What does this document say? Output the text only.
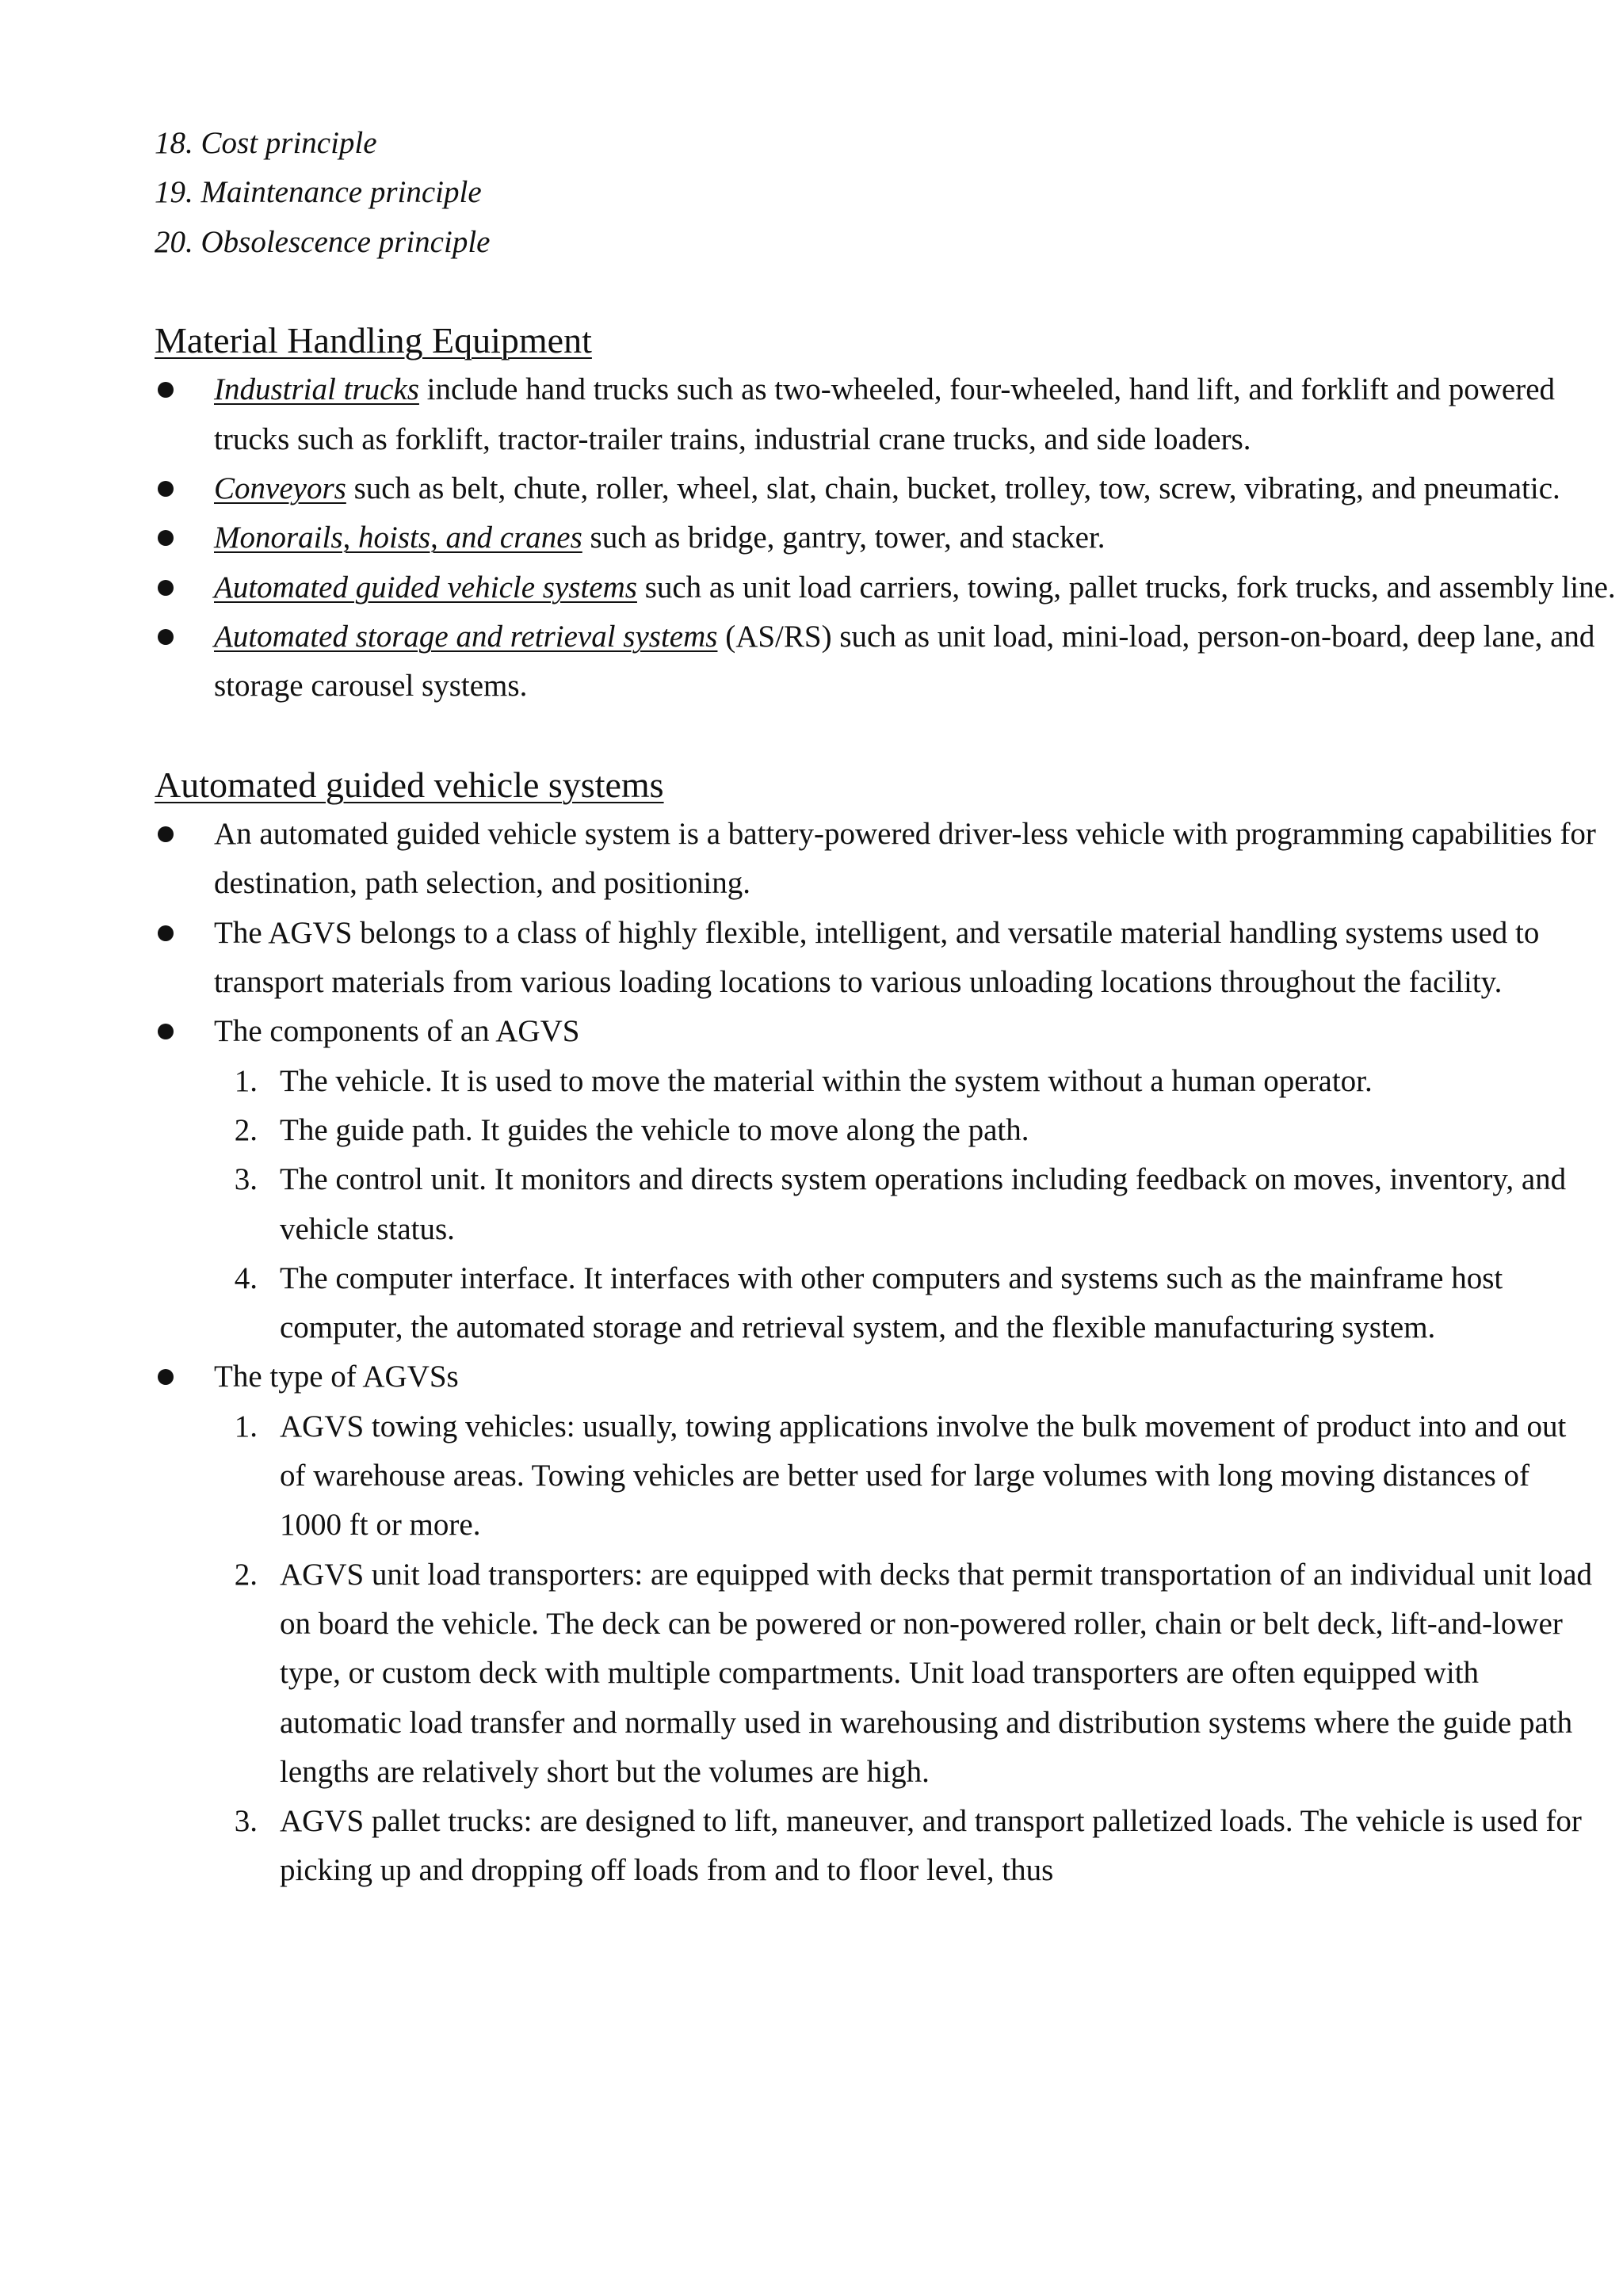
18. Cost principle
19. Maintenance principle
20. Obsolescence principle
Material Handling Equipment
Industrial trucks include hand trucks such as two-wheeled, four-wheeled, hand lift, and forklift and powered trucks such as forklift, tractor-trailer trains, industrial crane trucks, and side loaders.
Conveyors such as belt, chute, roller, wheel, slat, chain, bucket, trolley, tow, screw, vibrating, and pneumatic.
Monorails, hoists, and cranes such as bridge, gantry, tower, and stacker.
Automated guided vehicle systems such as unit load carriers, towing, pallet trucks, fork trucks, and assembly line.
Automated storage and retrieval systems (AS/RS) such as unit load, mini-load, person-on-board, deep lane, and storage carousel systems.
Automated guided vehicle systems
An automated guided vehicle system is a battery-powered driver-less vehicle with programming capabilities for destination, path selection, and positioning.
The AGVS belongs to a class of highly flexible, intelligent, and versatile material handling systems used to transport materials from various loading locations to various unloading locations throughout the facility.
The components of an AGVS
1. The vehicle. It is used to move the material within the system without a human operator.
2. The guide path. It guides the vehicle to move along the path.
3. The control unit. It monitors and directs system operations including feedback on moves, inventory, and vehicle status.
4. The computer interface. It interfaces with other computers and systems such as the mainframe host computer, the automated storage and retrieval system, and the flexible manufacturing system.
The type of AGVSs
1. AGVS towing vehicles: usually, towing applications involve the bulk movement of product into and out of warehouse areas. Towing vehicles are better used for large volumes with long moving distances of 1000 ft or more.
2. AGVS unit load transporters: are equipped with decks that permit transportation of an individual unit load on board the vehicle. The deck can be powered or non-powered roller, chain or belt deck, lift-and-lower type, or custom deck with multiple compartments. Unit load transporters are often equipped with automatic load transfer and normally used in warehousing and distribution systems where the guide path lengths are relatively short but the volumes are high.
3. AGVS pallet trucks: are designed to lift, maneuver, and transport palletized loads. The vehicle is used for picking up and dropping off loads from and to floor level, thus
